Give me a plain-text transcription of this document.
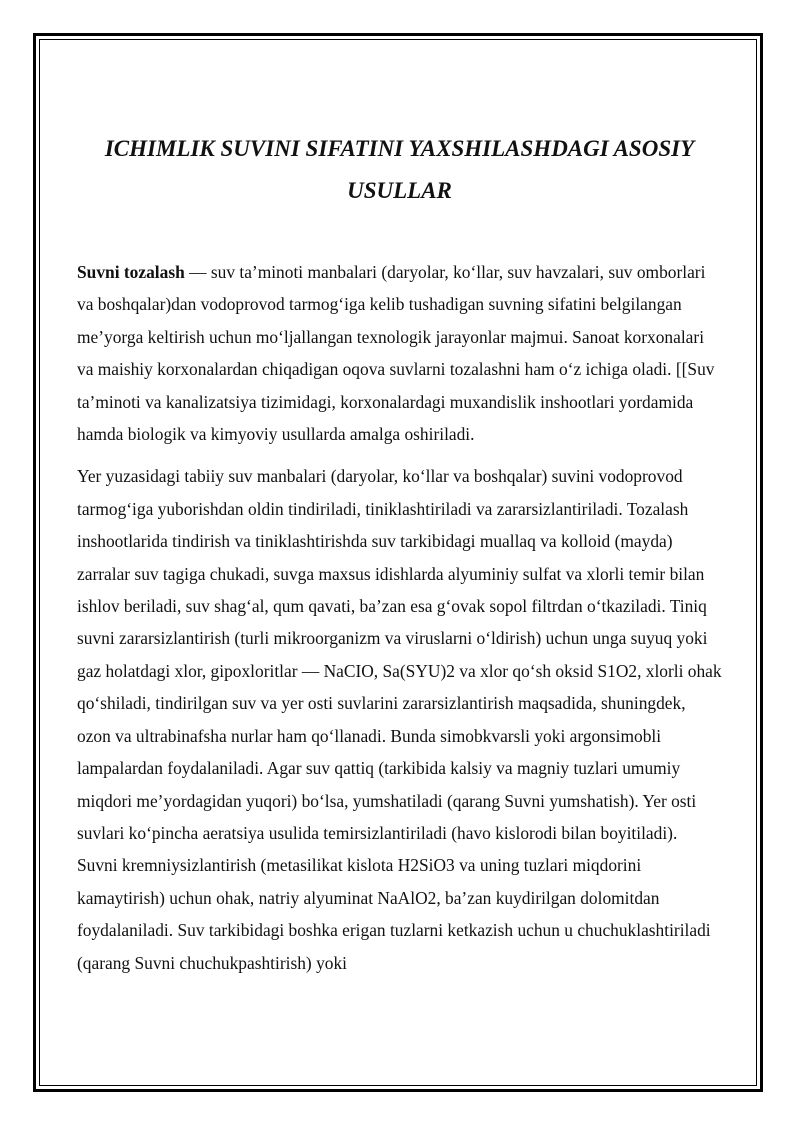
ICHIMLIK SUVINI SIFATINI YAXSHILASHDAGI ASOSIY USULLAR

Suvni tozalash — suv ta’minoti manbalari (daryolar, ko‘llar, suv havzalari, suv omborlari va boshqalar)dan vodoprovod tarmog‘iga kelib tushadigan suvning sifatini belgilangan me’yorga keltirish uchun mo‘ljallangan texnologik jarayonlar majmui. Sanoat korxonalari va maishiy korxonalardan chiqadigan oqova suvlarni tozalashni ham o‘z ichiga oladi. [[Suv ta’minoti va kanalizatsiya tizimidagi, korxonalardagi muxandislik inshootlari yordamida hamda biologik va kimyoviy usullarda amalga oshiriladi.

Yer yuzasidagi tabiiy suv manbalari (daryolar, ko‘llar va boshqalar) suvini vodoprovod tarmog‘iga yuborishdan oldin tindiriladi, tiniklashtiriladi va zararsizlantiriladi. Tozalash inshootlarida tindirish va tiniklashtirishda suv tarkibidagi muallaq va kolloid (mayda) zarralar suv tagiga chukadi, suvga maxsus idishlarda alyuminiy sulfat va xlorli temir bilan ishlov beriladi, suv shag‘al, qum qavati, ba’zan esa g‘ovak sopol filtrdan o‘tkaziladi. Tiniq suvni zararsizlantirish (turli mikroorganizm va viruslarni o‘ldirish) uchun unga suyuq yoki gaz holatdagi xlor, gipoxloritlar — NaCIO, Sa(SYU)2 va xlor qo‘sh oksid S1O2, xlorli ohak qo‘shiladi, tindirilgan suv va yer osti suvlarini zararsizlantirish maqsadida, shuningdek, ozon va ultrabinafsha nurlar ham qo‘llanadi. Bunda simobkvarsli yoki argonsimobli lampalardan foydalaniladi. Agar suv qattiq (tarkibida kalsiy va magniy tuzlari umumiy miqdori me’yordagidan yuqori) bo‘lsa, yumshatiladi (qarang Suvni yumshatish). Yer osti suvlari ko‘pincha aeratsiya usulida temirsizlantiriladi (havo kislorodi bilan boyitiladi). Suvni kremniysizlantirish (metasilikat kislota H2SiO3 va uning tuzlari miqdorini kamaytirish) uchun ohak, natriy alyuminat NaAlO2, ba’zan kuydirilgan dolomitdan foydalaniladi. Suv tarkibidagi boshka erigan tuzlarni ketkazish uchun u chuchuklashtiriladi (qarang Suvni chuchukpashtirish) yoki
